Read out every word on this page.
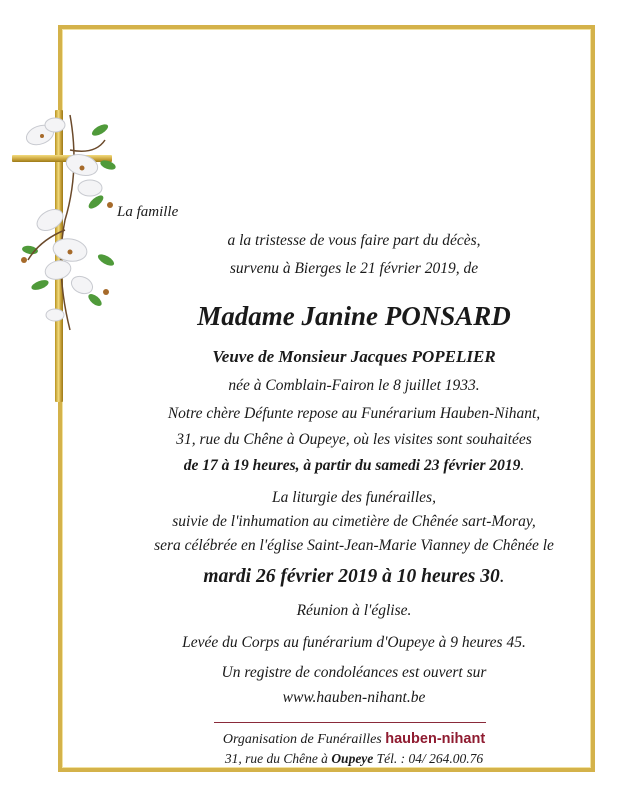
La famille
a la tristesse de vous faire part du décès,
survenu à Bierges le 21 février 2019, de
Madame Janine PONSARD
Veuve de Monsieur Jacques POPELIER
née à Comblain-Fairon le 8 juillet 1933.
Notre chère Défunte repose au Funérarium Hauben-Nihant,
31, rue du Chêne à Oupeye, où les visites sont souhaitées
de 17 à 19 heures, à partir du samedi 23 février 2019.
La liturgie des funérailles,
suivie de l'inhumation au cimetière de Chênée sart-Moray,
sera célébrée en l'église Saint-Jean-Marie Vianney de Chênée le
mardi 26 février 2019 à 10 heures 30.
Réunion à l'église.
Levée du Corps au funérarium d'Oupeye à 9 heures 45.
Un registre de condoléances est ouvert sur
www.hauben-nihant.be
Organisation de Funérailles hauben-nihant
31, rue du Chêne à Oupeye Tél. : 04/ 264.00.76
